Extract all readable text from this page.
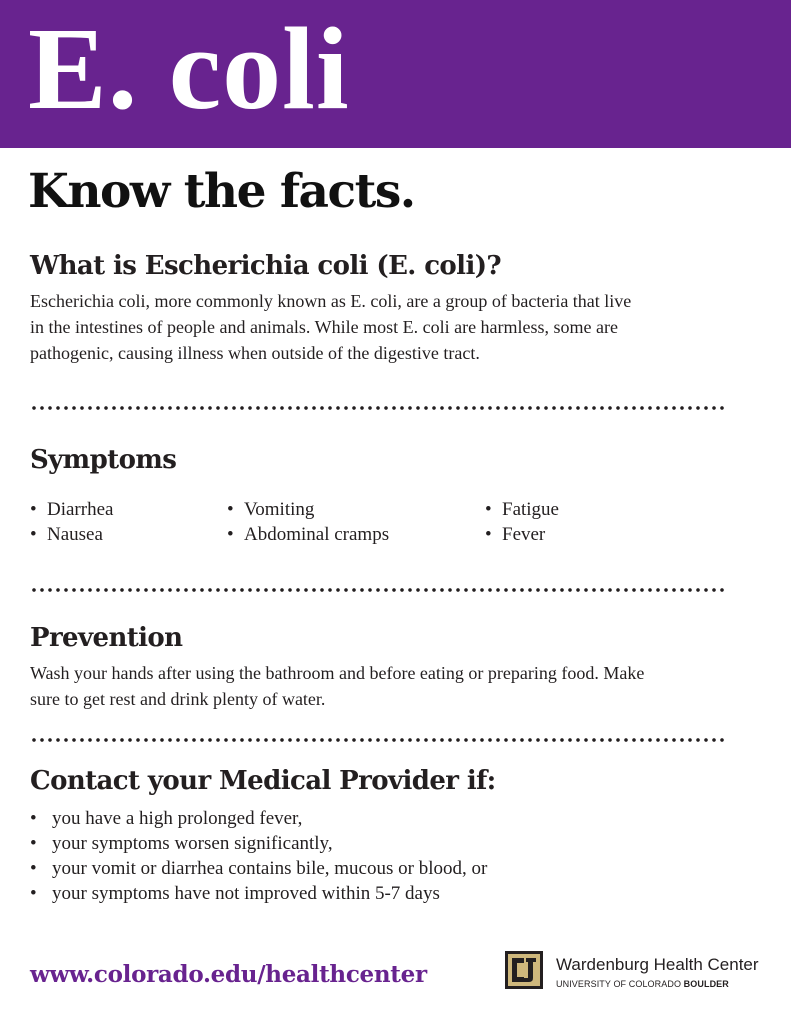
E. coli
Know the facts.
What is Escherichia coli (E. coli)?
Escherichia coli, more commonly known as E. coli, are a group of bacteria that live
in the intestines of people and animals. While most E. coli are harmless, some are
pathogenic, causing illness when outside of the digestive tract.
Symptoms
• Diarrhea
• Nausea
• Vomiting
• Abdominal cramps
• Fatigue
• Fever
Prevention
Wash your hands after using the bathroom and before eating or preparing food. Make
sure to get rest and drink plenty of water.
Contact your Medical Provider if:
• you have a high prolonged fever,
• your symptoms worsen significantly,
• your vomit or diarrhea contains bile, mucous or blood, or
• your symptoms have not improved within 5-7 days
www.colorado.edu/healthcenter	Wardenburg Health Center
UNIVERSITY OF COLORADO BOULDER
